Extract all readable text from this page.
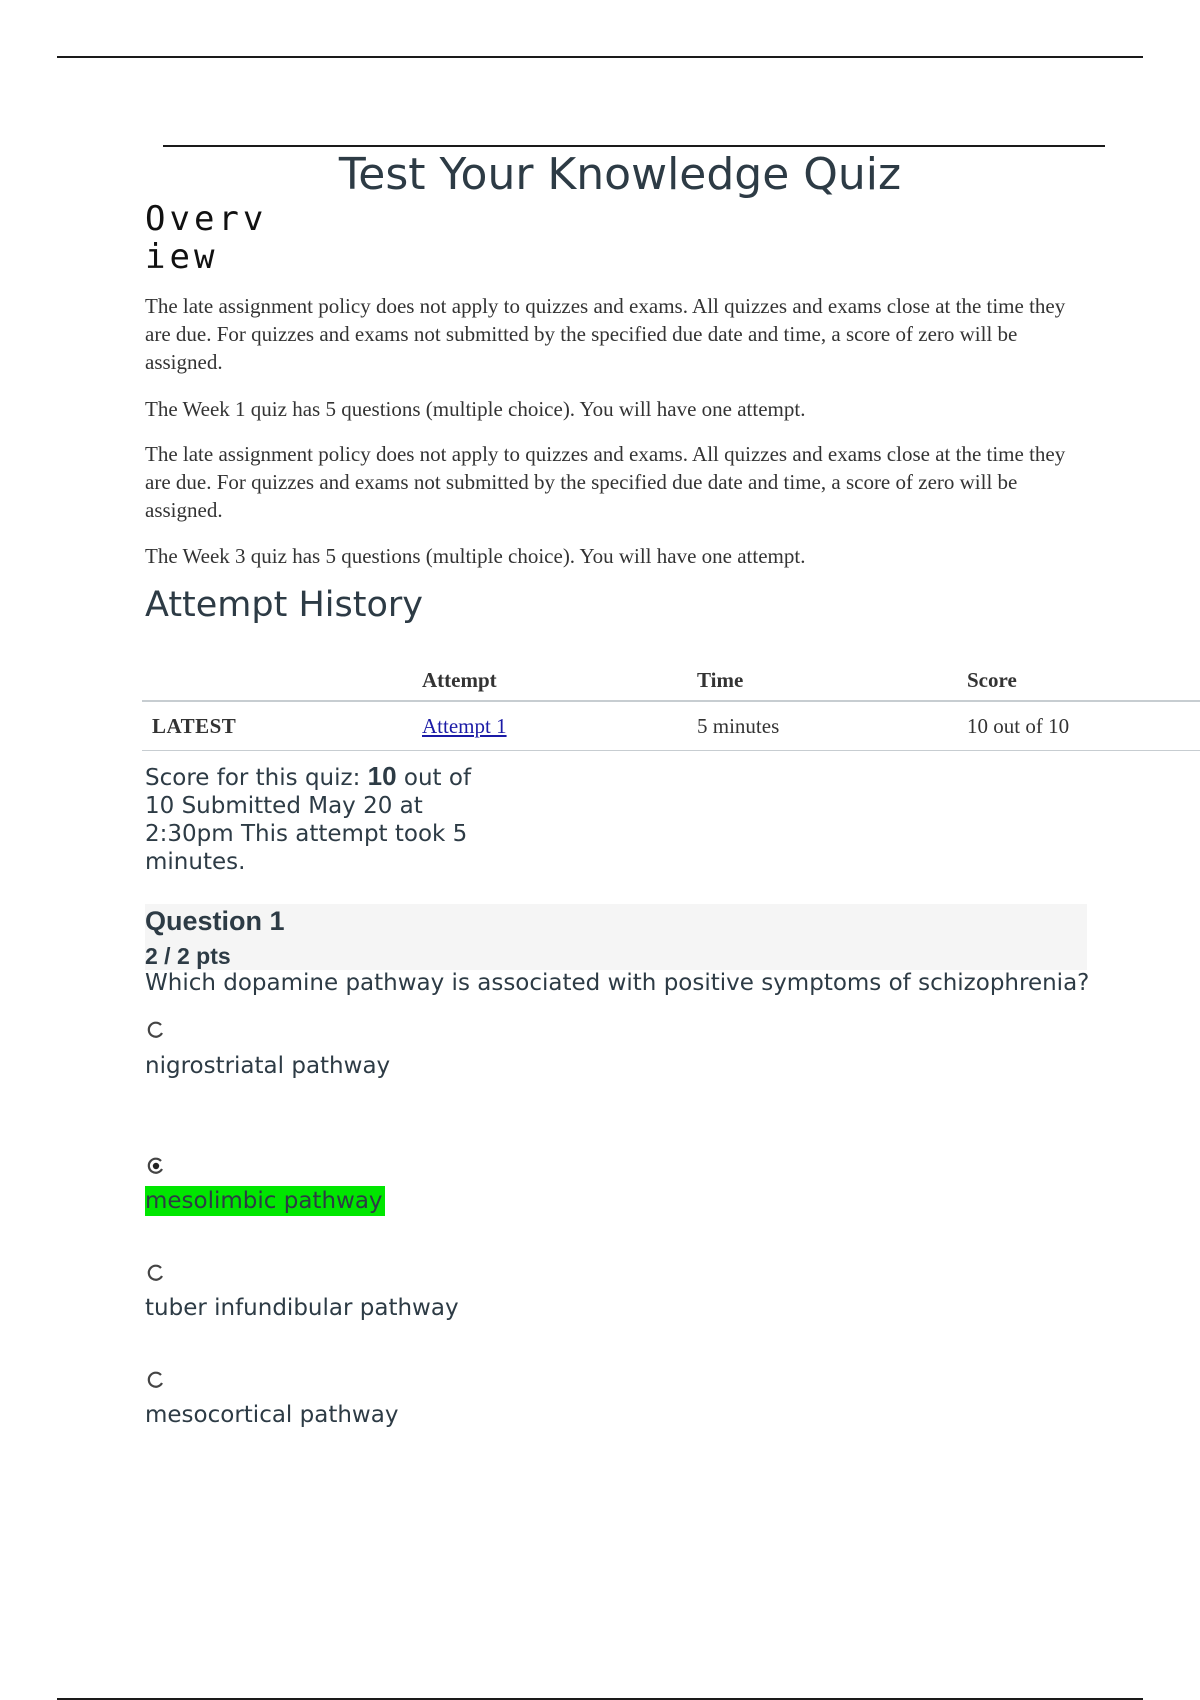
Test Your Knowledge Quiz
Overv
iew

The late assignment policy does not apply to quizzes and exams. All quizzes and exams close at the time they are due. For quizzes and exams not submitted by the specified due date and time, a score of zero will be assigned.

The Week 1 quiz has 5 questions (multiple choice). You will have one attempt.

The late assignment policy does not apply to quizzes and exams. All quizzes and exams close at the time they are due. For quizzes and exams not submitted by the specified due date and time, a score of zero will be assigned.

The Week 3 quiz has 5 questions (multiple choice). You will have one attempt.

Attempt History
	Attempt	Time	Score
LATEST	Attempt 1	5 minutes	10 out of 10
Score for this quiz: 10 out of 10 Submitted May 20 at 2:30pm This attempt took 5 minutes.
Question 1
2 / 2 pts
Which dopamine pathway is associated with positive symptoms of schizophrenia?
nigrostriatal pathway
mesolimbic pathway
tuber infundibular pathway
mesocortical pathway
